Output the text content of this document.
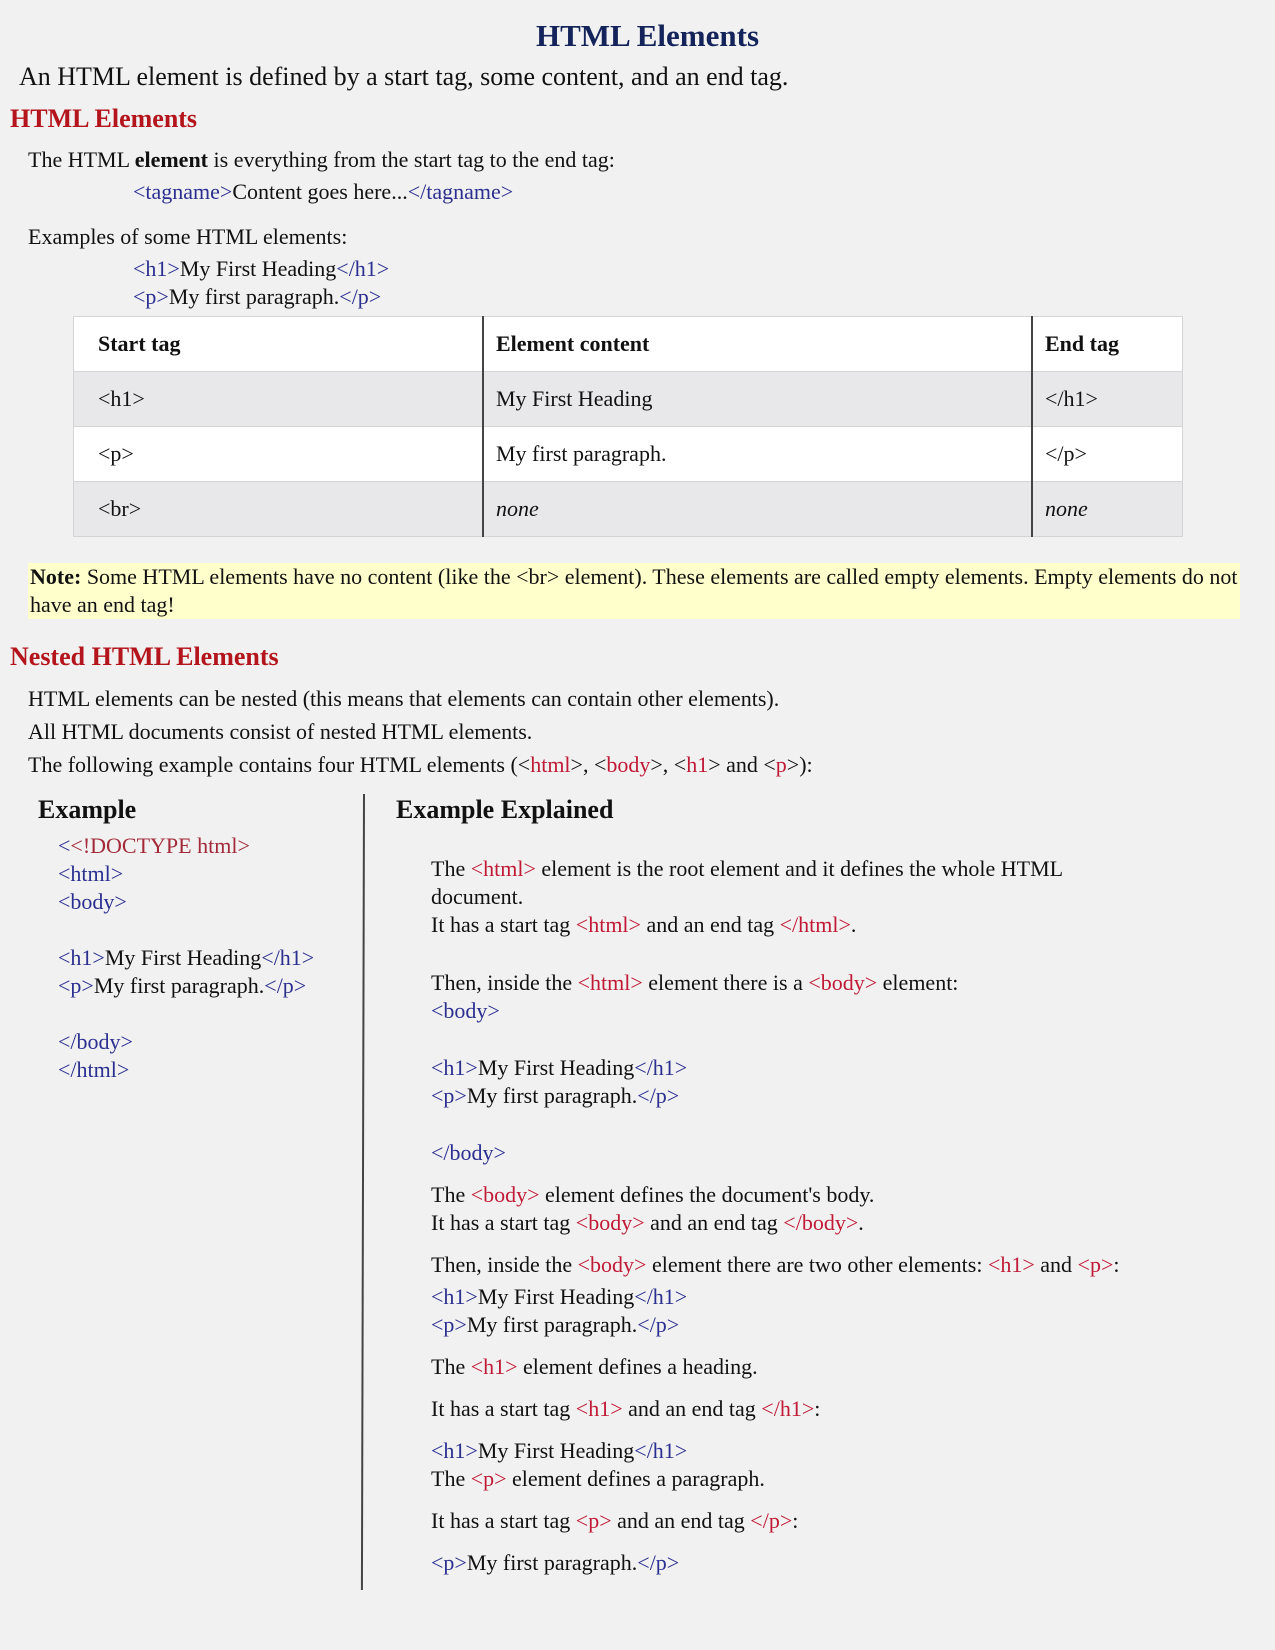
HTML Elements
An HTML element is defined by a start tag, some content, and an end tag.
HTML Elements
The HTML element is everything from the start tag to the end tag:
<tagname>Content goes here...</tagname>
Examples of some HTML elements:
<h1>My First Heading</h1>
<p>My first paragraph.</p>
Start tag	Element content	End tag
<h1>	My First Heading	</h1>
<p>	My first paragraph.	</p>
<br>	none	none
Note: Some HTML elements have no content (like the <br> element). These elements are called empty elements. Empty elements do not have an end tag!
Nested HTML Elements
HTML elements can be nested (this means that elements can contain other elements).
All HTML documents consist of nested HTML elements.
The following example contains four HTML elements (<html>, <body>, <h1> and <p>):
Example
<<!DOCTYPE html>
<html>
<body>
<h1>My First Heading</h1>
<p>My first paragraph.</p>
</body>
</html>
Example Explained
The <html> element is the root element and it defines the whole HTML
document.
It has a start tag <html> and an end tag </html>.
Then, inside the <html> element there is a <body> element:
<body>
<h1>My First Heading</h1>
<p>My first paragraph.</p>
</body>
The <body> element defines the document's body.
It has a start tag <body> and an end tag </body>.
Then, inside the <body> element there are two other elements: <h1> and <p>:
<h1>My First Heading</h1>
<p>My first paragraph.</p>
The <h1> element defines a heading.
It has a start tag <h1> and an end tag </h1>:
<h1>My First Heading</h1>
The <p> element defines a paragraph.
It has a start tag <p> and an end tag </p>:
<p>My first paragraph.</p>
